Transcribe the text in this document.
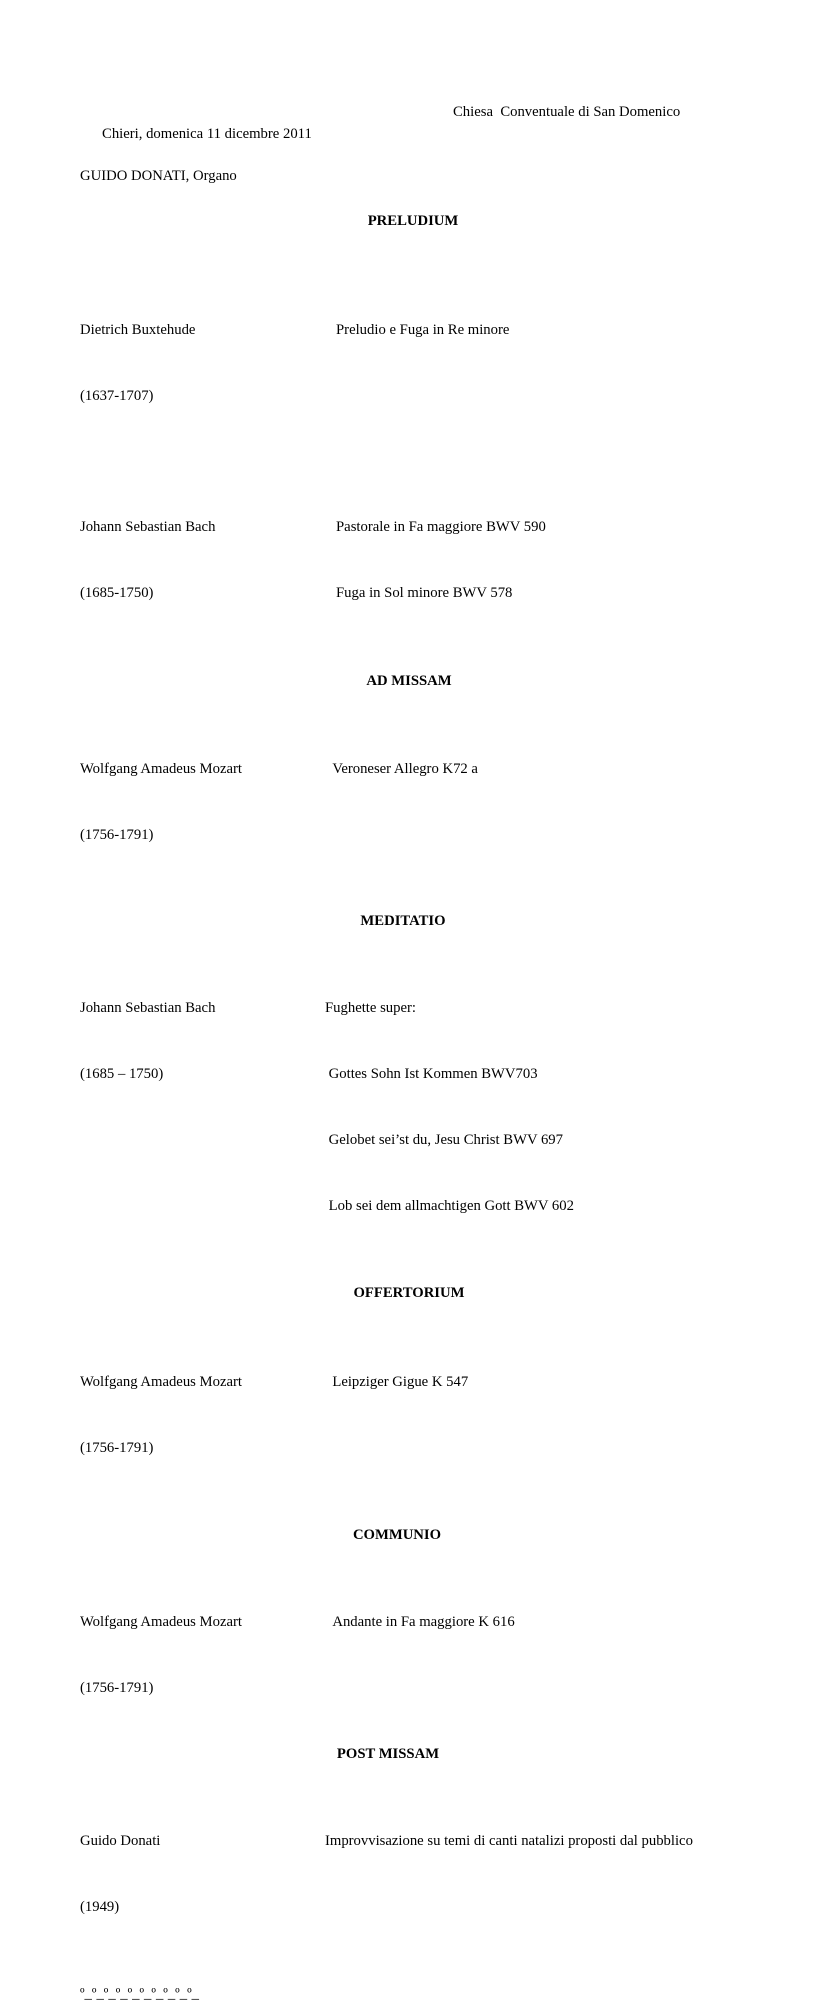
Chieri, domenica 11 dicembre 2011

Chiesa  Conventuale di San Domenico

GUIDO DONATI, Organo
PRELUDIUM

Dietrich Buxtehude

(1637-1707)

Preludio e Fuga in Re minore

Johann Sebastian Bach

(1685-1750)

Pastorale in Fa maggiore BWV 590

Fuga in Sol minore BWV 578

AD MISSAM

Wolfgang Amadeus Mozart

(1756-1791)

Veroneser Allegro K72 a

MEDITATIO

Johann Sebastian Bach

(1685 – 1750)

Fughette super:

Gottes Sohn Ist Kommen BWV703

Gelobet sei’st du, Jesu Christ BWV 697

Lob sei dem allmachtigen Gott BWV 602

OFFERTORIUM

Wolfgang Amadeus Mozart

(1756-1791)

Leipziger Gigue K 547

COMMUNIO

Wolfgang Amadeus Mozart

(1756-1791)

Andante in Fa maggiore K 616

POST MISSAM

Guido Donati

(1949)

Improvvisazione su temi di canti natalizi proposti dal pubblico

º_º_º_º_º_º_º_º_º_º_
